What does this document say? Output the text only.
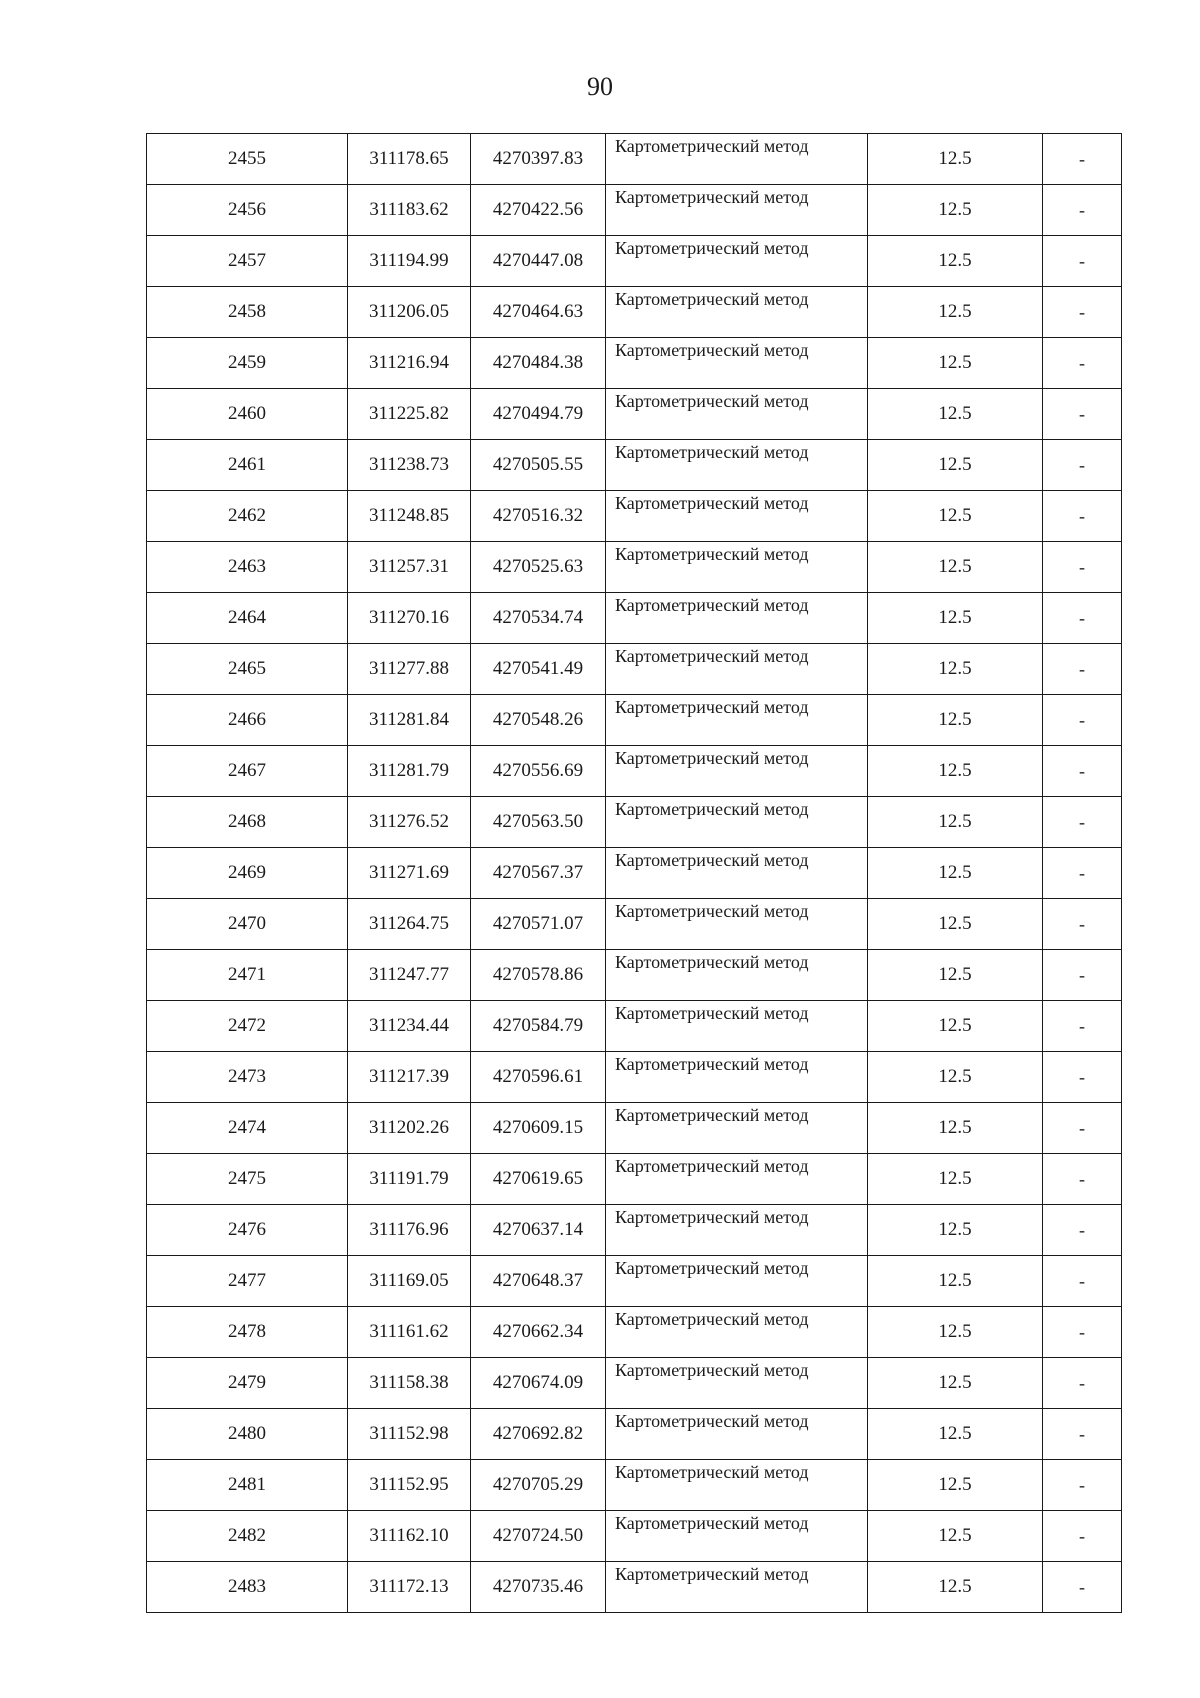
90
2455	311178.65	4270397.83	Картометрический метод	12.5	-
2456	311183.62	4270422.56	Картометрический метод	12.5	-
2457	311194.99	4270447.08	Картометрический метод	12.5	-
2458	311206.05	4270464.63	Картометрический метод	12.5	-
2459	311216.94	4270484.38	Картометрический метод	12.5	-
2460	311225.82	4270494.79	Картометрический метод	12.5	-
2461	311238.73	4270505.55	Картометрический метод	12.5	-
2462	311248.85	4270516.32	Картометрический метод	12.5	-
2463	311257.31	4270525.63	Картометрический метод	12.5	-
2464	311270.16	4270534.74	Картометрический метод	12.5	-
2465	311277.88	4270541.49	Картометрический метод	12.5	-
2466	311281.84	4270548.26	Картометрический метод	12.5	-
2467	311281.79	4270556.69	Картометрический метод	12.5	-
2468	311276.52	4270563.50	Картометрический метод	12.5	-
2469	311271.69	4270567.37	Картометрический метод	12.5	-
2470	311264.75	4270571.07	Картометрический метод	12.5	-
2471	311247.77	4270578.86	Картометрический метод	12.5	-
2472	311234.44	4270584.79	Картометрический метод	12.5	-
2473	311217.39	4270596.61	Картометрический метод	12.5	-
2474	311202.26	4270609.15	Картометрический метод	12.5	-
2475	311191.79	4270619.65	Картометрический метод	12.5	-
2476	311176.96	4270637.14	Картометрический метод	12.5	-
2477	311169.05	4270648.37	Картометрический метод	12.5	-
2478	311161.62	4270662.34	Картометрический метод	12.5	-
2479	311158.38	4270674.09	Картометрический метод	12.5	-
2480	311152.98	4270692.82	Картометрический метод	12.5	-
2481	311152.95	4270705.29	Картометрический метод	12.5	-
2482	311162.10	4270724.50	Картометрический метод	12.5	-
2483	311172.13	4270735.46	Картометрический метод	12.5	-
